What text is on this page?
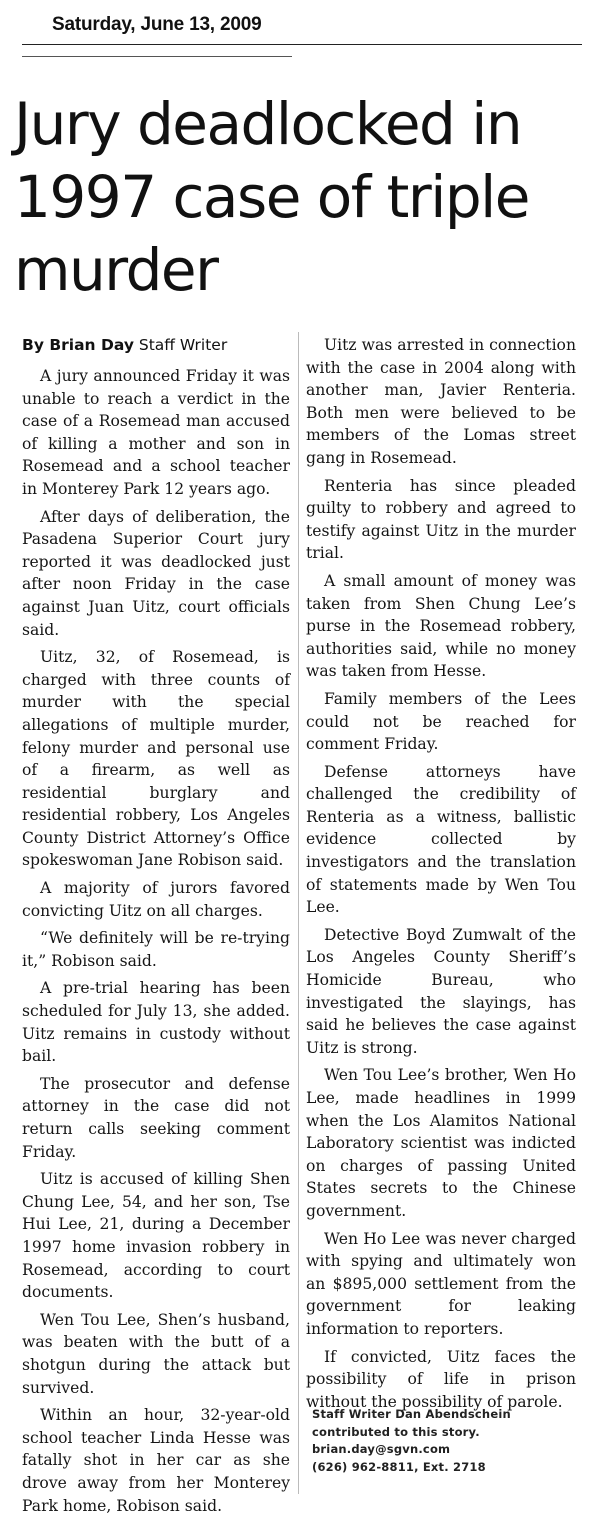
Saturday, June 13, 2009
Jury deadlocked in 1997 case of triple murder
By Brian Day Staff Writer

A jury announced Friday it was unable to reach a verdict in the case of a Rosemead man accused of killing a mother and son in Rosemead and a school teacher in Monterey Park 12 years ago.

After days of deliberation, the Pasadena Superior Court jury reported it was deadlocked just after noon Friday in the case against Juan Uitz, court officials said.

Uitz, 32, of Rosemead, is charged with three counts of murder with the special allegations of multiple murder, felony murder and personal use of a firearm, as well as residential burglary and residential robbery, Los Angeles County District Attorney’s Office spokeswoman Jane Robison said.

A majority of jurors favored convicting Uitz on all charges.

“We definitely will be re-trying it,” Robison said.

A pre-trial hearing has been scheduled for July 13, she added. Uitz remains in custody without bail.

The prosecutor and defense attorney in the case did not return calls seeking comment Friday.

Uitz is accused of killing Shen Chung Lee, 54, and her son, Tse Hui Lee, 21, during a December 1997 home invasion robbery in Rosemead, according to court documents.

Wen Tou Lee, Shen’s husband, was beaten with the butt of a shotgun during the attack but survived.

Within an hour, 32-year-old school teacher Linda Hesse was fatally shot in her car as she drove away from her Monterey Park home, Robison said.

Uitz was arrested in connection with the case in 2004 along with another man, Javier Renteria. Both men were believed to be members of the Lomas street gang in Rosemead.

Renteria has since pleaded guilty to robbery and agreed to testify against Uitz in the murder trial.

A small amount of money was taken from Shen Chung Lee’s purse in the Rosemead robbery, authorities said, while no money was taken from Hesse.

Family members of the Lees could not be reached for comment Friday.

Defense attorneys have challenged the credibility of Renteria as a witness, ballistic evidence collected by investigators and the translation of statements made by Wen Tou Lee.

Detective Boyd Zumwalt of the Los Angeles County Sheriff’s Homicide Bureau, who investigated the slayings, has said he believes the case against Uitz is strong.

Wen Tou Lee’s brother, Wen Ho Lee, made headlines in 1999 when the Los Alamitos National Laboratory scientist was indicted on charges of passing United States secrets to the Chinese government.

Wen Ho Lee was never charged with spying and ultimately won an $895,000 settlement from the government for leaking information to reporters.

If convicted, Uitz faces the possibility of life in prison without the possibility of parole.

Staff Writer Dan Abendschein
contributed to this story.
brian.day@sgvn.com
(626) 962-8811, Ext. 2718
